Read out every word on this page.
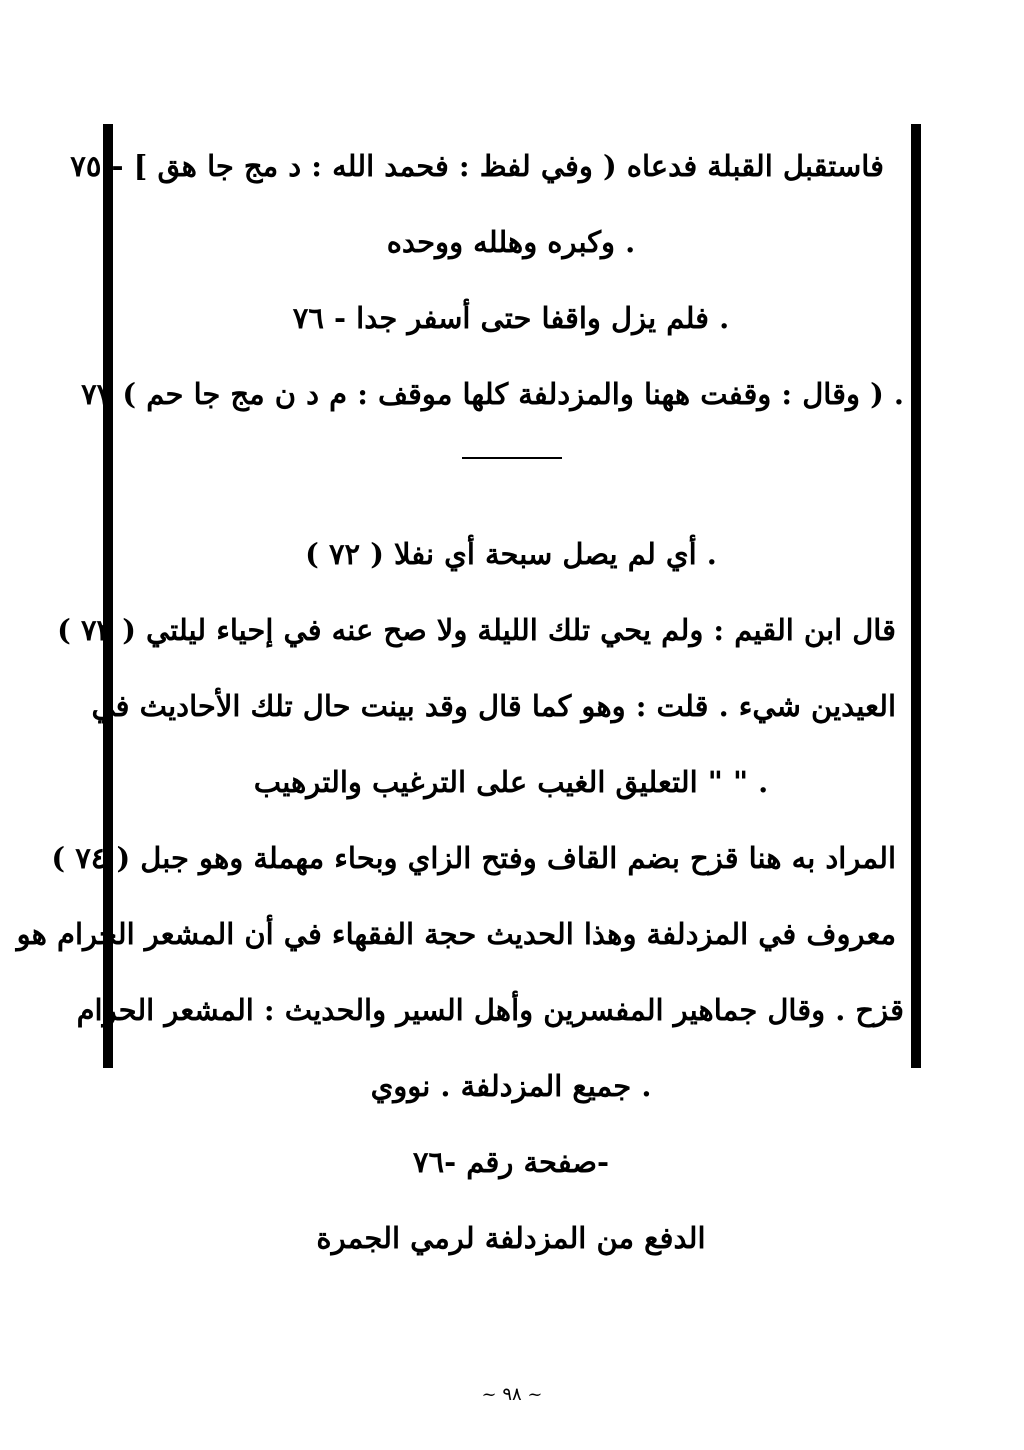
فاستقبل القبلة فدعاه ( وفي لفظ : فحمد الله : د مج جا هق ] - ٧٥
. وكبره وهلله ووحده
. فلم يزل واقفا حتى أسفر جدا - ٧٦
. ( وقال : وقفت ههنا والمزدلفة كلها موقف : م د ن مج جا حم ) ٧٧
. أي لم يصل سبحة أي نفلا ( ٧٢ )
قال ابن القيم : ولم يحي تلك الليلة ولا صح عنه في إحياء ليلتي ( ٧٣ )
العيدين شيء . قلت : وهو كما قال وقد بينت حال تلك الأحاديث في
. " " التعليق الغيب على الترغيب والترهيب
المراد به هنا قزح بضم القاف وفتح الزاي وبحاء مهملة وهو جبل ( ٧٤ )
معروف في المزدلفة وهذا الحديث حجة الفقهاء في أن المشعر الحرام هو
قزح . وقال جماهير المفسرين وأهل السير والحديث : المشعر الحرام
. جميع المزدلفة . نووي
-صفحة رقم -٧٦
الدفع من المزدلفة لرمي الجمرة
~ ٩٨ ~
